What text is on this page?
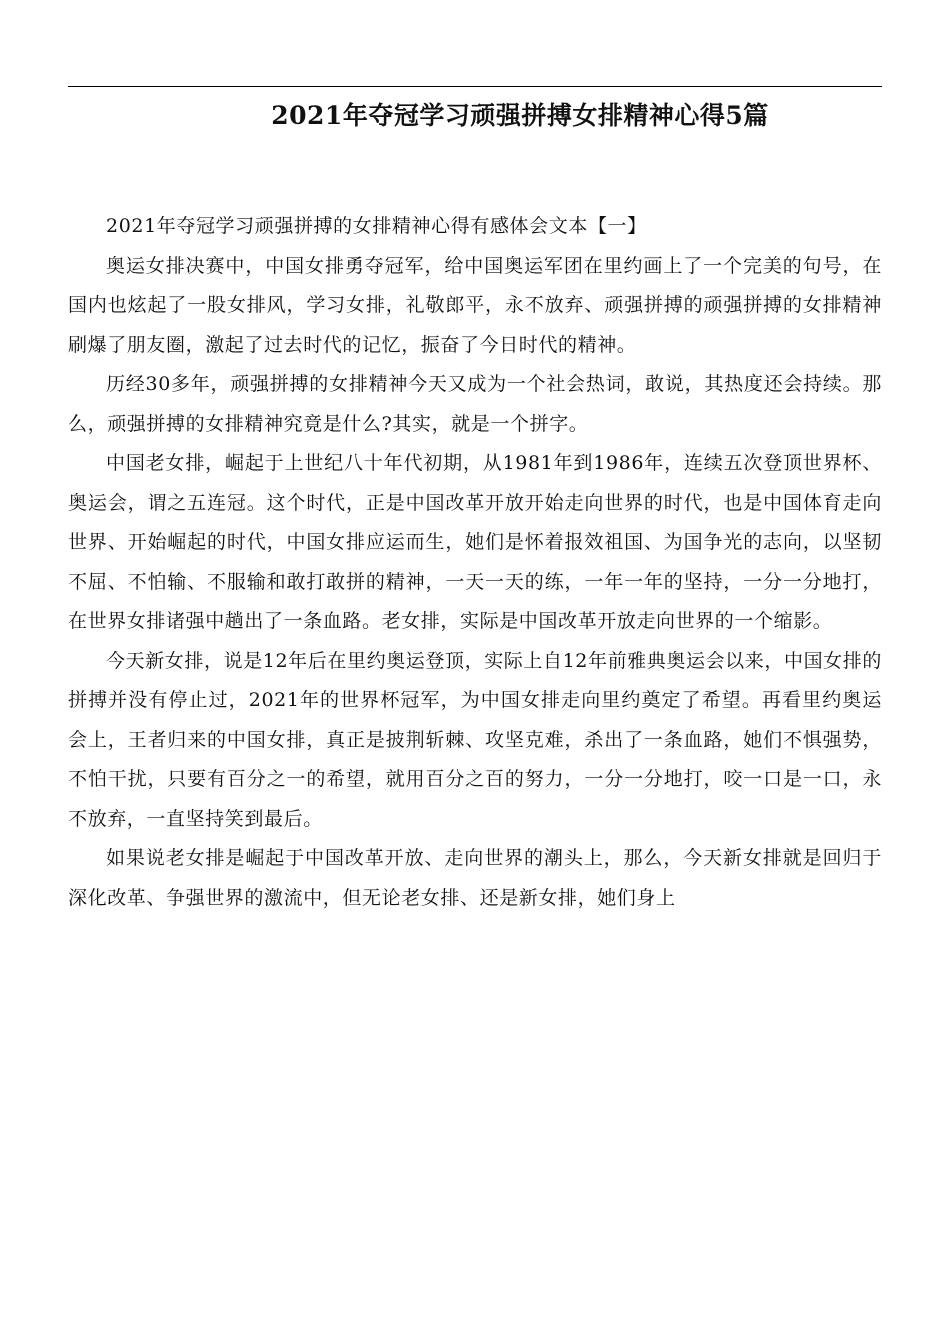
2021年夺冠学习顽强拼搏女排精神心得5篇

2021年夺冠学习顽强拼搏的女排精神心得有感体会文本【一】

奥运女排决赛中，中国女排勇夺冠军，给中国奥运军团在里约画上了一个完美的句号，在国内也炫起了一股女排风，学习女排，礼敬郎平，永不放弃、顽强拼搏的顽强拼搏的女排精神刷爆了朋友圈，激起了过去时代的记忆，振奋了今日时代的精神。

历经30多年，顽强拼搏的女排精神今天又成为一个社会热词，敢说，其热度还会持续。那么，顽强拼搏的女排精神究竟是什么?其实，就是一个拼字。

中国老女排，崛起于上世纪八十年代初期，从1981年到1986年，连续五次登顶世界杯、奥运会，谓之五连冠。这个时代，正是中国改革开放开始走向世界的时代，也是中国体育走向世界、开始崛起的时代，中国女排应运而生，她们是怀着报效祖国、为国争光的志向，以坚韧不屈、不怕输、不服输和敢打敢拼的精神，一天一天的练，一年一年的坚持，一分一分地打，在世界女排诸强中趟出了一条血路。老女排，实际是中国改革开放走向世界的一个缩影。

今天新女排，说是12年后在里约奥运登顶，实际上自12年前雅典奥运会以来，中国女排的拼搏并没有停止过，2021年的世界杯冠军，为中国女排走向里约奠定了希望。再看里约奥运会上，王者归来的中国女排，真正是披荆斩棘、攻坚克难，杀出了一条血路，她们不惧强势，不怕干扰，只要有百分之一的希望，就用百分之百的努力，一分一分地打，咬一口是一口，永不放弃，一直坚持笑到最后。

如果说老女排是崛起于中国改革开放、走向世界的潮头上，那么，今天新女排就是回归于深化改革、争强世界的激流中，但无论老女排、还是新女排，她们身上
